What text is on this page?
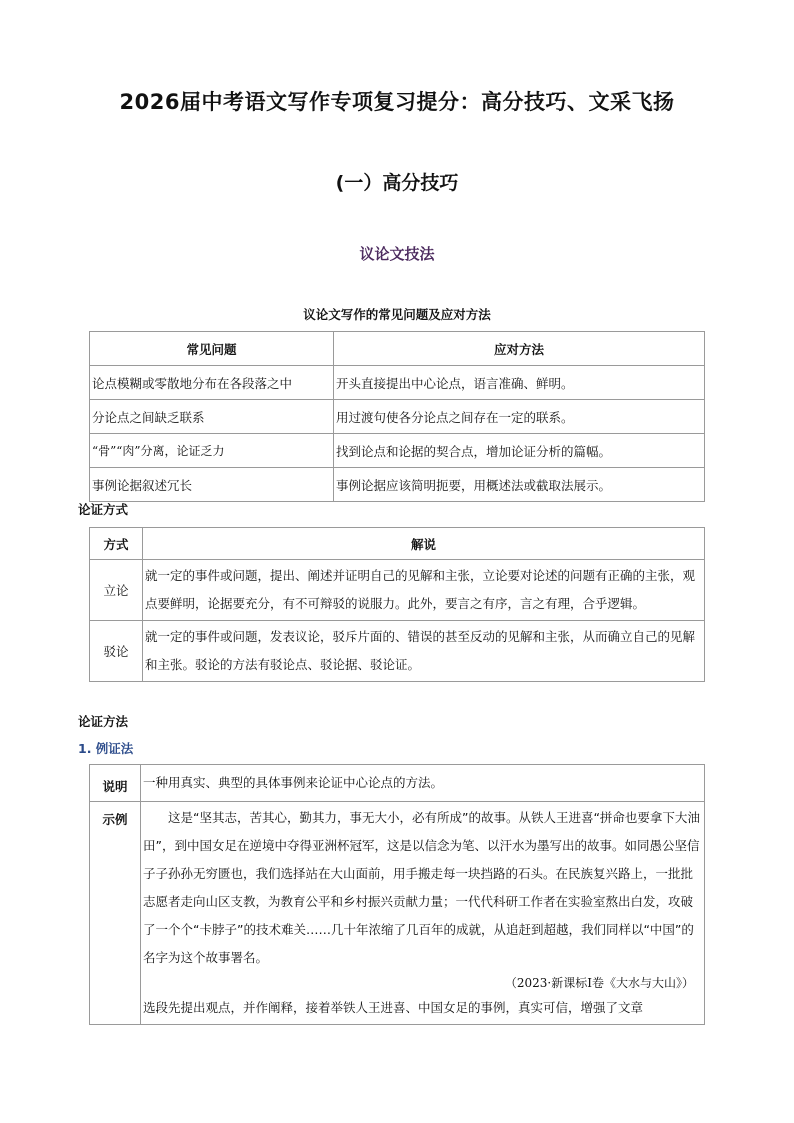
2026届中考语文写作专项复习提分：高分技巧、文采飞扬
(一）高分技巧
议论文技法
议论文写作的常见问题及应对方法
常见问题	应对方法
论点模糊或零散地分布在各段落之中	开头直接提出中心论点，语言准确、鲜明。
分论点之间缺乏联系	用过渡句使各分论点之间存在一定的联系。
“骨”“肉”分离，论证乏力	找到论点和论据的契合点，增加论证分析的篇幅。
事例论据叙述冗长	事例论据应该简明扼要，用概述法或截取法展示。
论证方式
方式	解说
立论	就一定的事件或问题，提出、阐述并证明自己的见解和主张，立论要对论述的问题有正确的主张，观点要鲜明，论据要充分，有不可辩驳的说服力。此外，要言之有序，言之有理，合乎逻辑。
驳论	就一定的事件或问题，发表议论，驳斥片面的、错误的甚至反动的见解和主张，从而确立自己的见解和主张。驳论的方法有驳论点、驳论据、驳论证。
论证方法
1. 例证法
说明	一种用真实、典型的具体事例来论证中心论点的方法。
示例	这是“坚其志，苦其心，勤其力，事无大小，必有所成”的故事。从铁人王进喜“拼命也要拿下大油田”，到中国女足在逆境中夺得亚洲杯冠军，这是以信念为笔、以汗水为墨写出的故事。如同愚公坚信子子孙孙无穷匮也，我们选择站在大山面前，用手搬走每一块挡路的石头。在民族复兴路上，一批批志愿者走向山区支教，为教育公平和乡村振兴贡献力量；一代代科研工作者在实验室熬出白发，攻破了一个个“卡脖子”的技术难关……几十年浓缩了几百年的成就，从追赶到超越，我们同样以“中国”的名字为这个故事署名。
（2023·新课标Ⅰ卷《大水与大山》）
选段先提出观点，并作阐释，接着举铁人王进喜、中国女足的事例，真实可信，增强了文章
